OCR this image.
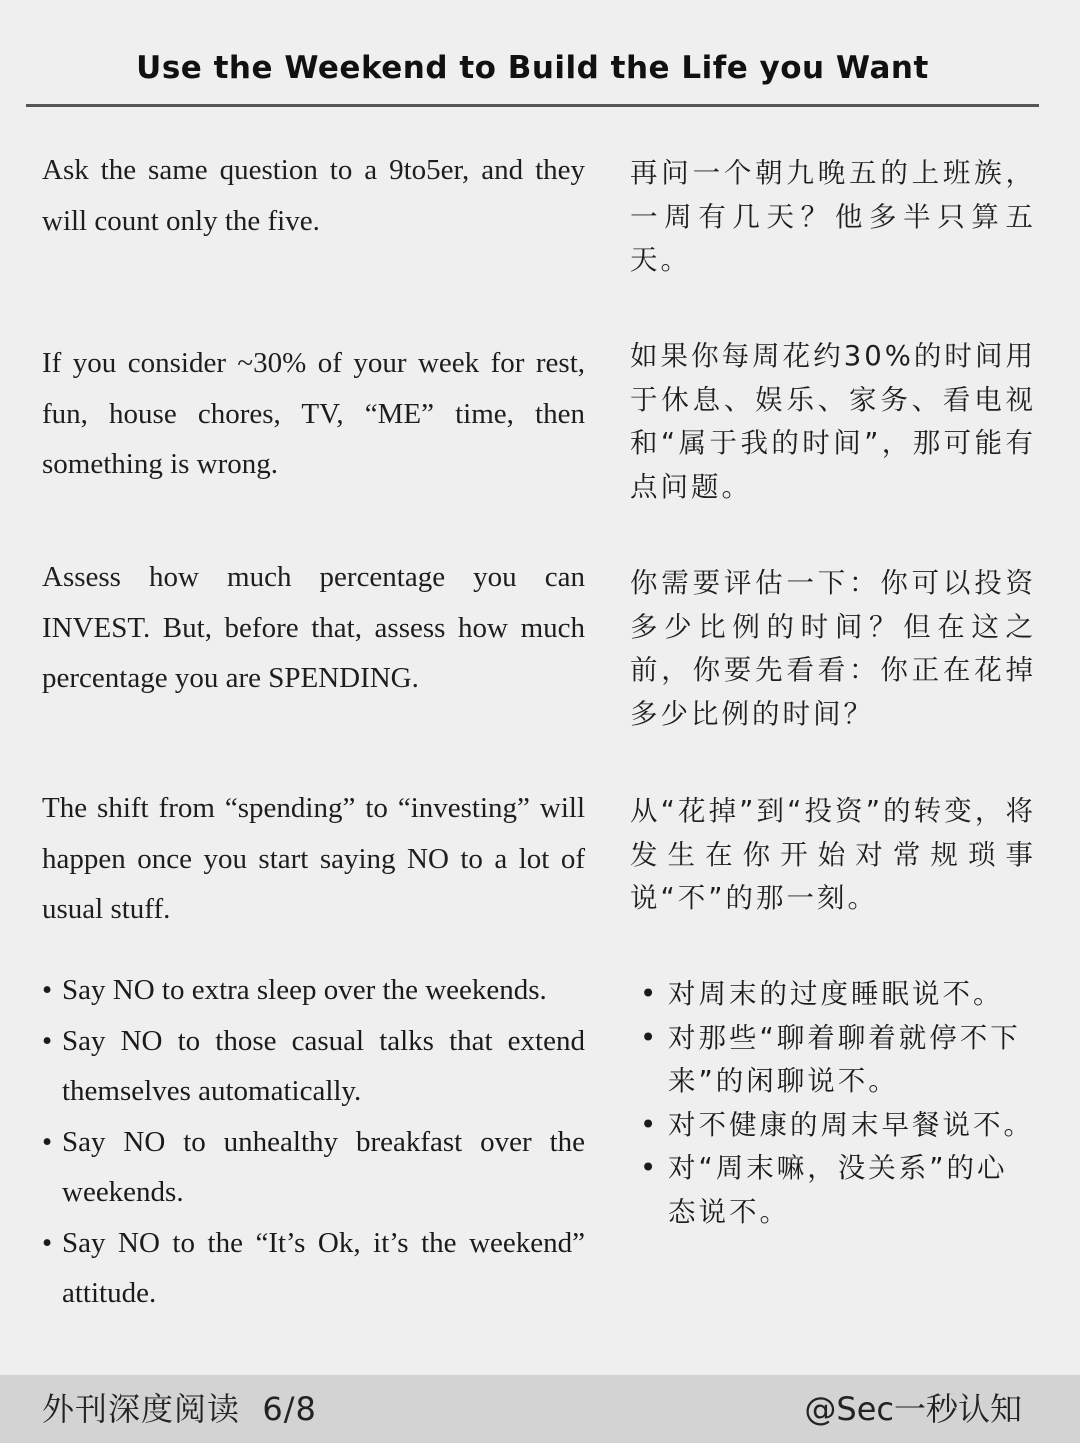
Use the Weekend to Build the Life you Want

Ask the same question to a 9to5er, and they will count only the five.

再问一个朝九晚五的上班族，一周有几天？他多半只算五天。

If you consider ~30% of your week for rest, fun, house chores, TV, “ME” time, then something is wrong.

如果你每周花约30%的时间用于休息、娱乐、家务、看电视和“属于我的时间”，那可能有点问题。

Assess how much percentage you can INVEST. But, before that, assess how much percentage you are SPENDING.

你需要评估一下：你可以投资多少比例的时间？但在这之前，你要先看看：你正在花掉多少比例的时间？

The shift from “spending” to “investing” will happen once you start saying NO to a lot of usual stuff.

从“花掉”到“投资”的转变，将发生在你开始对常规琐事说“不”的那一刻。

• Say NO to extra sleep over the weekends.
• Say NO to those casual talks that extend themselves automatically.
• Say NO to unhealthy breakfast over the weekends.
• Say NO to the “It’s Ok, it’s the weekend” attitude.
• 对周末的过度睡眠说不。
• 对那些“聊着聊着就停不下来”的闲聊说不。
• 对不健康的周末早餐说不。
• 对“周末嘛，没关系”的心态说不。
外刊深度阅读 6/8	@Sec一秒认知
